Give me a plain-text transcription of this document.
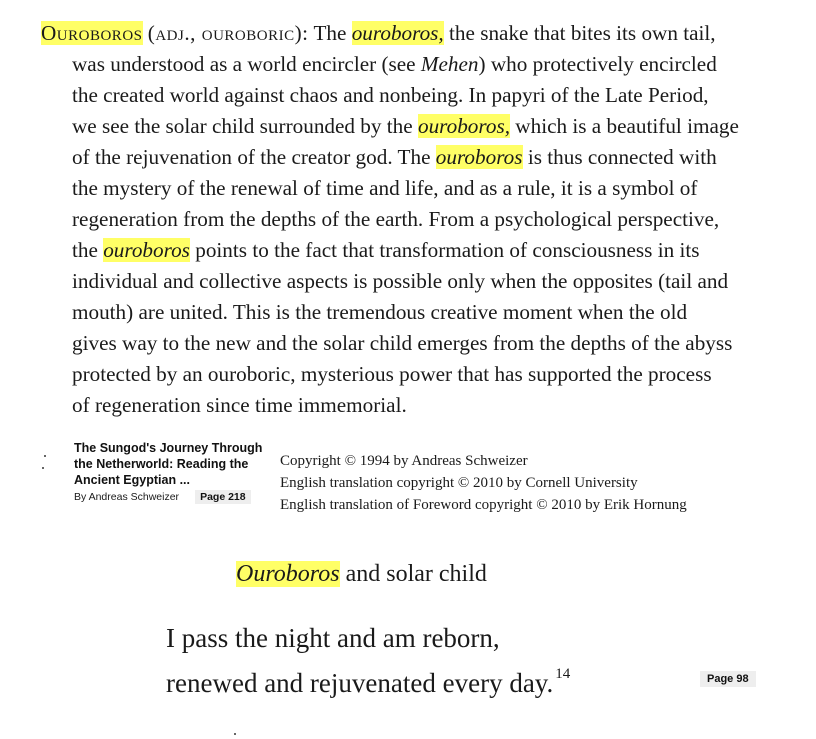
Ouroboros (adj., ouroboric): The ouroboros, the snake that bites its own tail,
was understood as a world encircler (see Mehen) who protectively encircled
the created world against chaos and nonbeing. In papyri of the Late Period,
we see the solar child surrounded by the ouroboros, which is a beautiful image
of the rejuvenation of the creator god. The ouroboros is thus connected with
the mystery of the renewal of time and life, and as a rule, it is a symbol of
regeneration from the depths of the earth. From a psychological perspective,
the ouroboros points to the fact that transformation of consciousness in its
individual and collective aspects is possible only when the opposites (tail and
mouth) are united. This is the tremendous creative moment when the old
gives way to the new and the solar child emerges from the depths of the abyss
protected by an ouroboric, mysterious power that has supported the process
of regeneration since time immemorial.
The Sungod's Journey Through the Netherworld: Reading the Ancient Egyptian ...
By Andreas Schweizer	Page 218
Copyright © 1994 by Andreas Schweizer
English translation copyright © 2010 by Cornell University
English translation of Foreword copyright © 2010 by Erik Hornung
Ouroboros and solar child
I pass the night and am reborn,
renewed and rejuvenated every day. $^{14}$	Page 98
